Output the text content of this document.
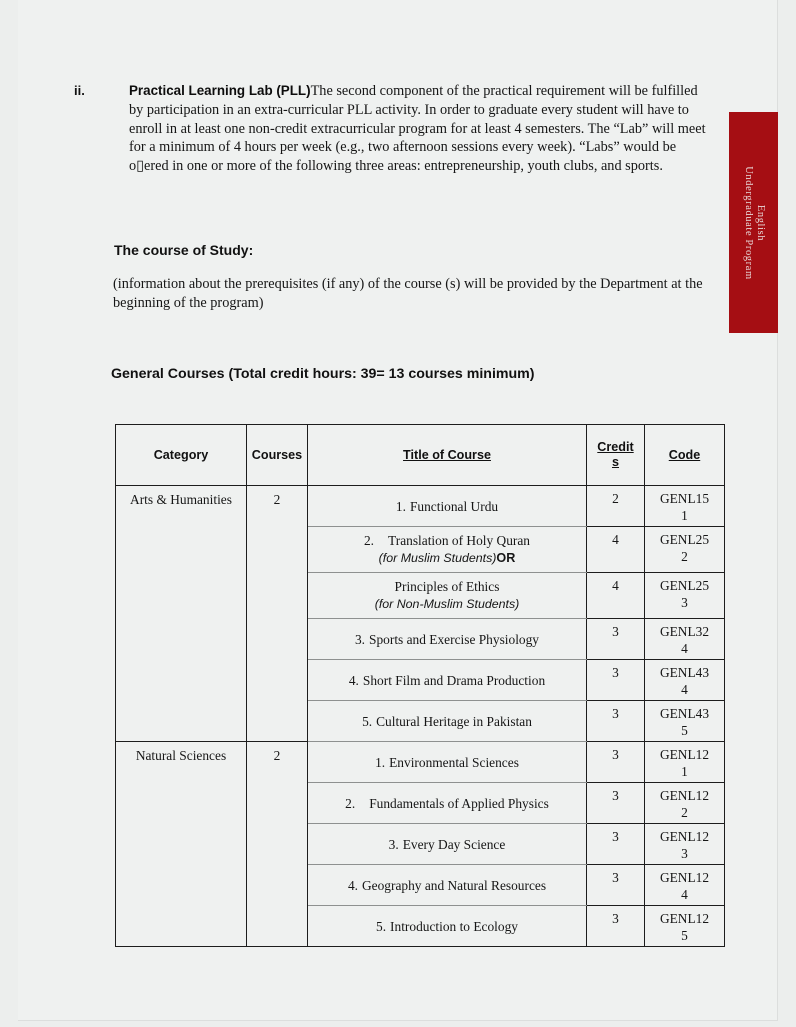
ii.	Practical Learning Lab (PLL)The second component of the practical requirement will be fulfilled by participation in an extra-curricular PLL activity. In order to graduate every student will have to enroll in at least one non-credit extracurricular program for at least 4 semesters. The “Lab” will meet for a minimum of 4 hours per week (e.g., two afternoon sessions every week). “Labs” would be o▯ered in one or more of the following three areas: entrepreneurship, youth clubs, and sports.
The course of Study:
(information about the prerequisites (if any) of the course (s) will be provided by the Department at the beginning of the program)
General Courses (Total credit hours: 39= 13 courses minimum)
Category	Courses	Title of Course	Credit
s	Code
Arts & Humanities	2	1. Functional Urdu	2	GENL15
1

		2. Translation of Holy Quran
(for Muslim Students)OR	4	GENL25
2

		Principles of Ethics
(for Non-Muslim Students)	4	GENL25
3

		3. Sports and Exercise Physiology	3	GENL32
4

		4. Short Film and Drama Production	3	GENL43
4

		5. Cultural Heritage in Pakistan	3	GENL43
5

Natural Sciences	2	1. Environmental Sciences	3	GENL12
1

		2. Fundamentals of Applied Physics	3	GENL12
2

		3. Every Day Science	3	GENL12
3

		4. Geography and Natural Resources	3	GENL12
4

		5. Introduction to Ecology	3	GENL12
5
English
Undergraduate Program
